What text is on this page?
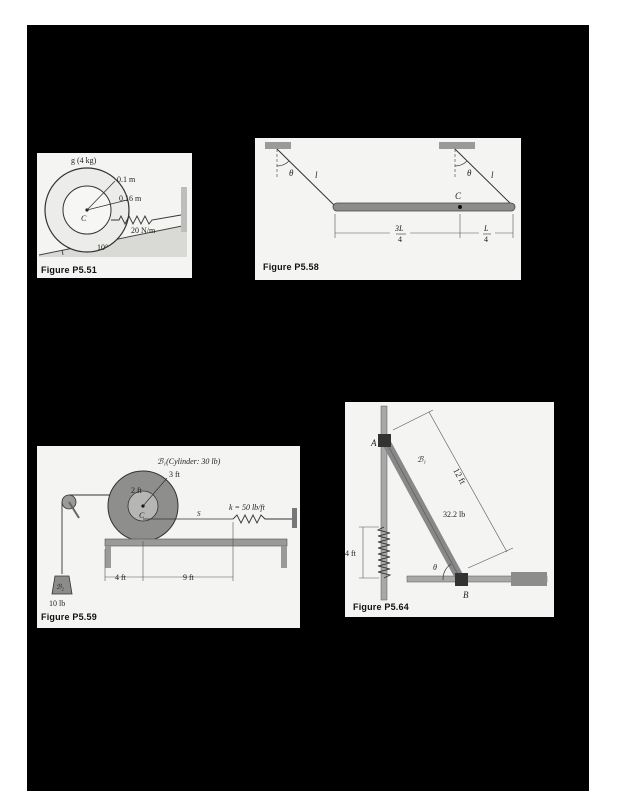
g (4 kg)
0.1 m
0.16 m
C
20 N/m
10°
Figure P5.51
θ l	θ l
C
3L
4
L
4
Figure P5.58
ℬ₁(Cylinder: 30 lb)
3 ft
2 ft
C	S
k = 50 lb/ft
ℬ₂
10 lb
4 ft	9 ft
Figure P5.59
A
B
ℬ₁
12 ft
32.2 lb
4 ft
θ
Figure P5.64
